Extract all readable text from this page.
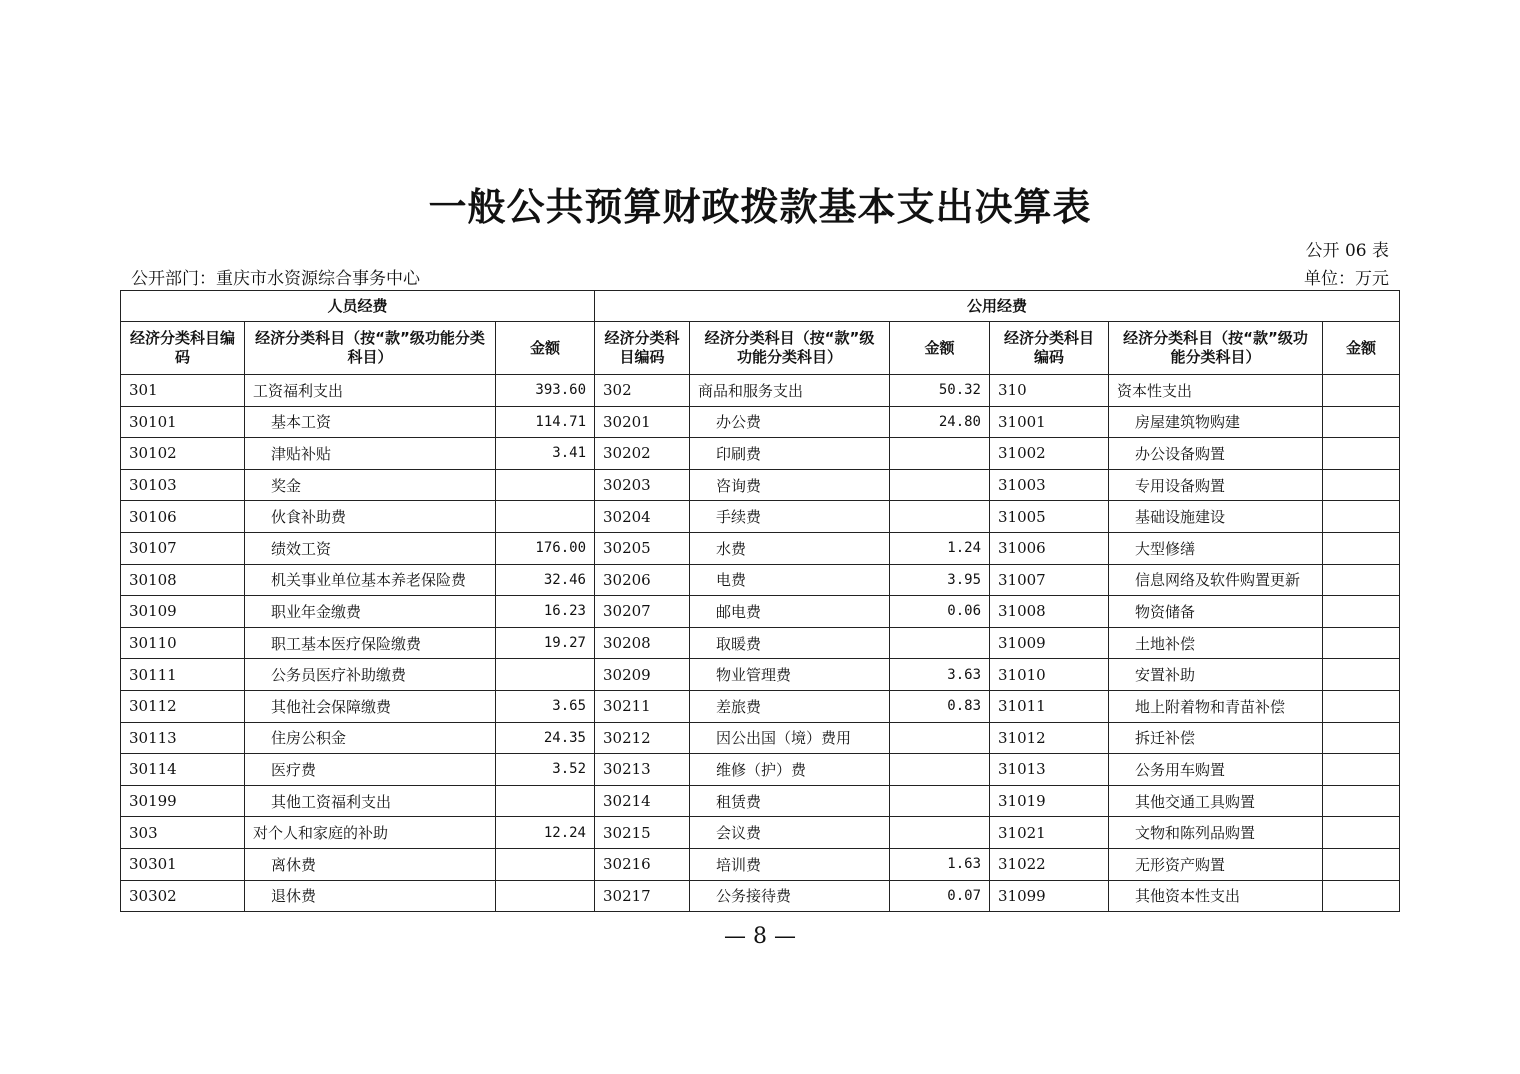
一般公共预算财政拨款基本支出决算表
公开 06 表
公开部门：重庆市水资源综合事务中心	单位：万元
人员经费			公用经费					
经济分类科目编码	经济分类科目（按“款”级功能分类科目）	金额	经济分类科目编码	经济分类科目（按“款”级功能分类科目）	金额	经济分类科目编码	经济分类科目（按“款”级功能分类科目）	金额
301	工资福利支出	393.60	302	商品和服务支出	50.32	310	资本性支出	
30101	基本工资	114.71	30201	办公费	24.80	31001	房屋建筑物购建	
30102	津贴补贴	3.41	30202	印刷费		31002	办公设备购置	
30103	奖金		30203	咨询费		31003	专用设备购置	
30106	伙食补助费		30204	手续费		31005	基础设施建设	
30107	绩效工资	176.00	30205	水费	1.24	31006	大型修缮	
30108	机关事业单位基本养老保险费	32.46	30206	电费	3.95	31007	信息网络及软件购置更新	
30109	职业年金缴费	16.23	30207	邮电费	0.06	31008	物资储备	
30110	职工基本医疗保险缴费	19.27	30208	取暖费		31009	土地补偿	
30111	公务员医疗补助缴费		30209	物业管理费	3.63	31010	安置补助	
30112	其他社会保障缴费	3.65	30211	差旅费	0.83	31011	地上附着物和青苗补偿	
30113	住房公积金	24.35	30212	因公出国（境）费用		31012	拆迁补偿	
30114	医疗费	3.52	30213	维修（护）费		31013	公务用车购置	
30199	其他工资福利支出		30214	租赁费		31019	其他交通工具购置	
303	对个人和家庭的补助	12.24	30215	会议费		31021	文物和陈列品购置	
30301	离休费		30216	培训费	1.63	31022	无形资产购置	
30302	退休费		30217	公务接待费	0.07	31099	其他资本性支出	
— 8 —
